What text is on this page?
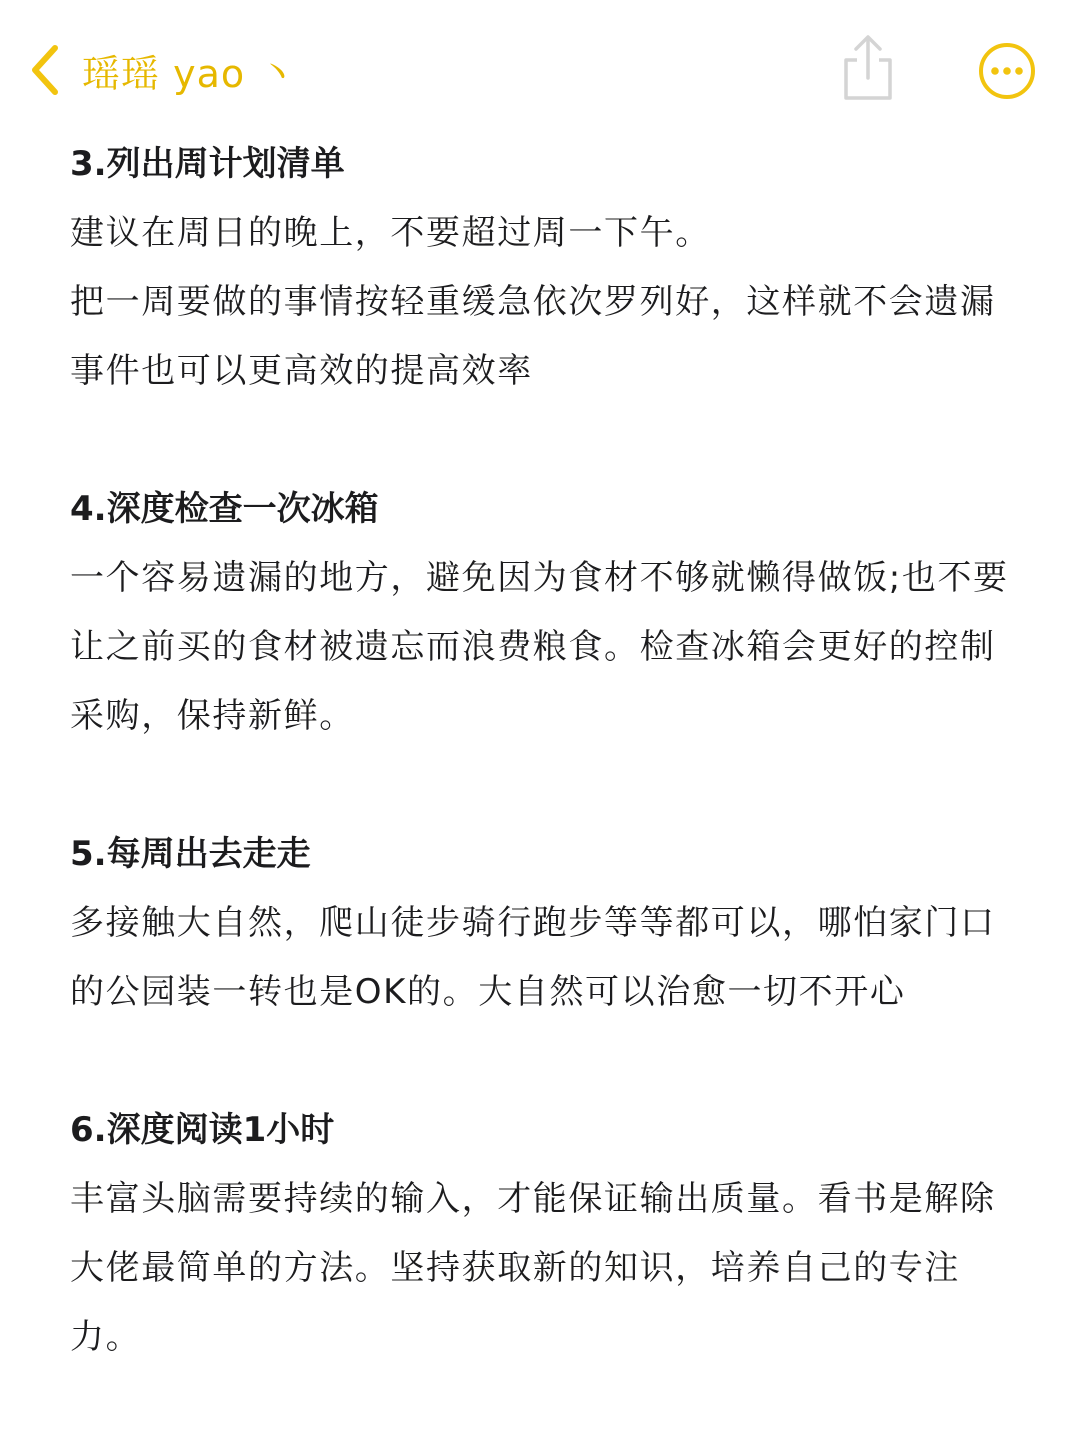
瑶瑶 yao 丶
3.列出周计划清单

建议在周日的晚上，不要超过周一下午。

把一周要做的事情按轻重缓急依次罗列好，这样就不会遗漏事件也可以更高效的提高效率

4.深度检查一次冰箱

一个容易遗漏的地方，避免因为食材不够就懒得做饭;也不要让之前买的食材被遗忘而浪费粮食。检查冰箱会更好的控制采购，保持新鲜。

5.每周出去走走

多接触大自然，爬山徒步骑行跑步等等都可以，哪怕家门口的公园装一转也是OK的。大自然可以治愈一切不开心

6.深度阅读1小时

丰富头脑需要持续的输入，才能保证输出质量。看书是解除大佬最简单的方法。坚持获取新的知识，培养自己的专注力。
